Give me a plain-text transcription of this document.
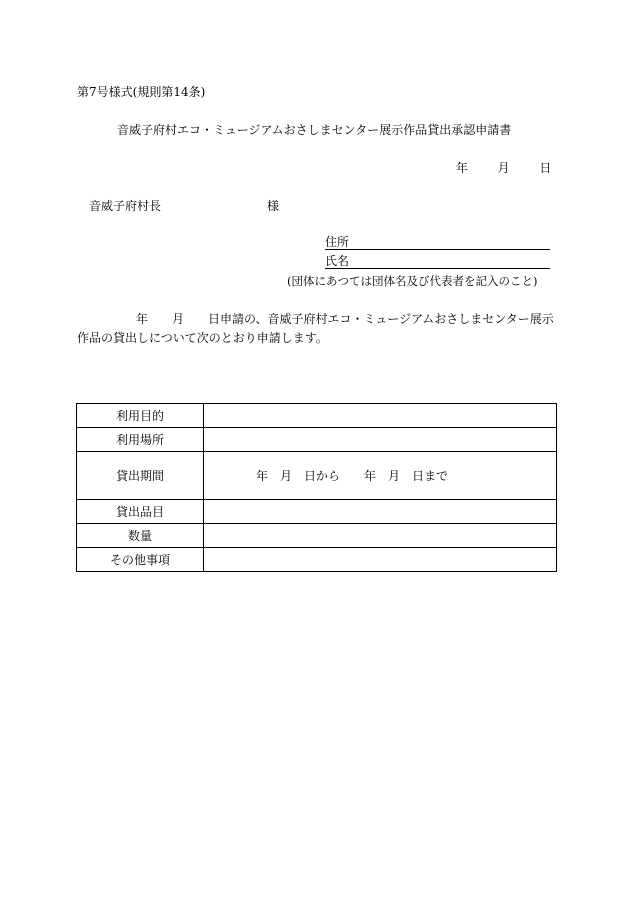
第7号様式(規則第14条)
音威子府村エコ・ミュージアムおさしまセンター展示作品貸出承認申請書
年 月 日
音威子府村長	様
住所
氏名
(団体にあつては団体名及び代表者を記入のこと)
年 月 日申請の、音威子府村エコ・ミュージアムおさしまセンター展示
作品の貸出しについて次のとおり申請します。
利用目的	
利用場所	
貸出期間	年　月　日から　　年　月　日まで
貸出品目	
数量	
その他事項	
